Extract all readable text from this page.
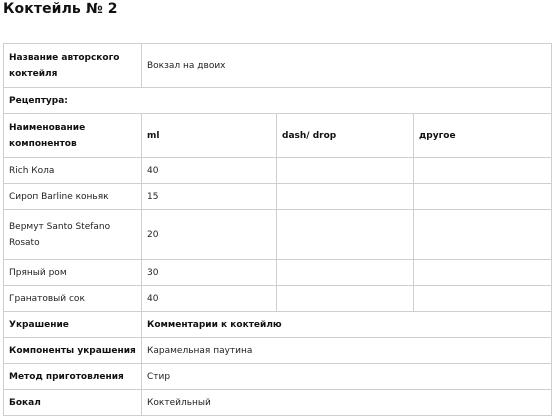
Коктейль № 2
Название авторского коктейля	Вокзал на двоих		
Рецептура:			
Наименование компонентов	ml	dash/ drop	другое
Rich Кола	40		
Сироп Barline коньяк	15		
Вермут Santo Stefano Rosato	20		
Пряный ром	30		
Гранатовый сок	40		
Украшение	Комментарии к коктейлю		
Компоненты украшения	Карамельная паутина		
Метод приготовления	Стир		
Бокал	Коктейльный		
